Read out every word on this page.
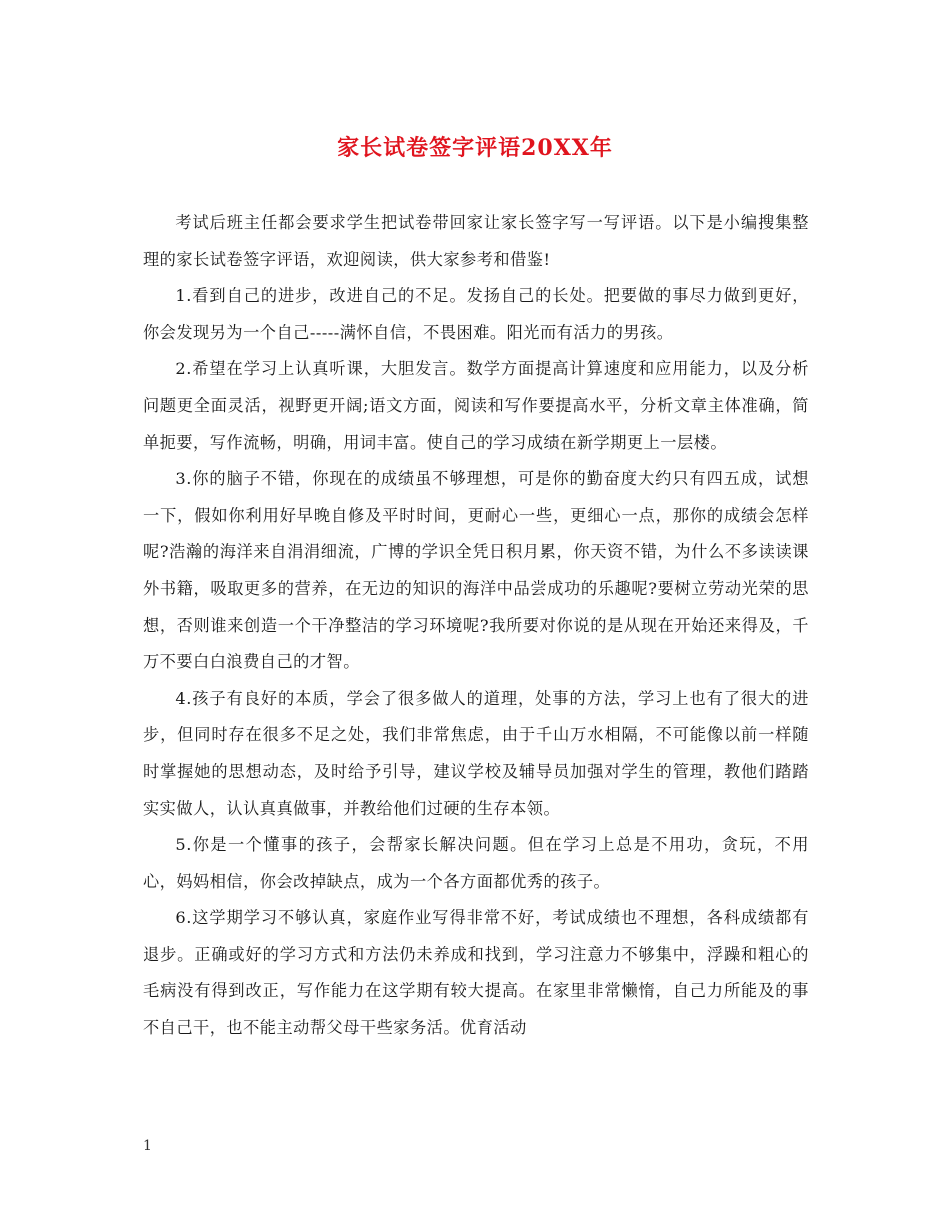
家长试卷签字评语20XX年

考试后班主任都会要求学生把试卷带回家让家长签字写一写评语。以下是小编搜集整理的家长试卷签字评语，欢迎阅读，供大家参考和借鉴!

1.看到自己的进步，改进自己的不足。发扬自己的长处。把要做的事尽力做到更好，你会发现另为一个自己-----满怀自信，不畏困难。阳光而有活力的男孩。

2.希望在学习上认真听课，大胆发言。数学方面提高计算速度和应用能力，以及分析问题更全面灵活，视野更开阔;语文方面，阅读和写作要提高水平，分析文章主体准确，简单扼要，写作流畅，明确，用词丰富。使自己的学习成绩在新学期更上一层楼。

3.你的脑子不错，你现在的成绩虽不够理想，可是你的勤奋度大约只有四五成，试想一下，假如你利用好早晚自修及平时时间，更耐心一些，更细心一点，那你的成绩会怎样呢?浩瀚的海洋来自涓涓细流，广博的学识全凭日积月累，你天资不错，为什么不多读读课外书籍，吸取更多的营养，在无边的知识的海洋中品尝成功的乐趣呢?要树立劳动光荣的思想，否则谁来创造一个干净整洁的学习环境呢?我所要对你说的是从现在开始还来得及，千万不要白白浪费自己的才智。

4.孩子有良好的本质，学会了很多做人的道理，处事的方法，学习上也有了很大的进步，但同时存在很多不足之处，我们非常焦虑，由于千山万水相隔，不可能像以前一样随时掌握她的思想动态，及时给予引导，建议学校及辅导员加强对学生的管理，教他们踏踏实实做人，认认真真做事，并教给他们过硬的生存本领。

5.你是一个懂事的孩子，会帮家长解决问题。但在学习上总是不用功，贪玩，不用心，妈妈相信，你会改掉缺点，成为一个各方面都优秀的孩子。

6.这学期学习不够认真，家庭作业写得非常不好，考试成绩也不理想，各科成绩都有退步。正确或好的学习方式和方法仍未养成和找到，学习注意力不够集中，浮躁和粗心的毛病没有得到改正，写作能力在这学期有较大提高。在家里非常懒惰，自己力所能及的事不自己干，也不能主动帮父母干些家务活。优育活动

1
